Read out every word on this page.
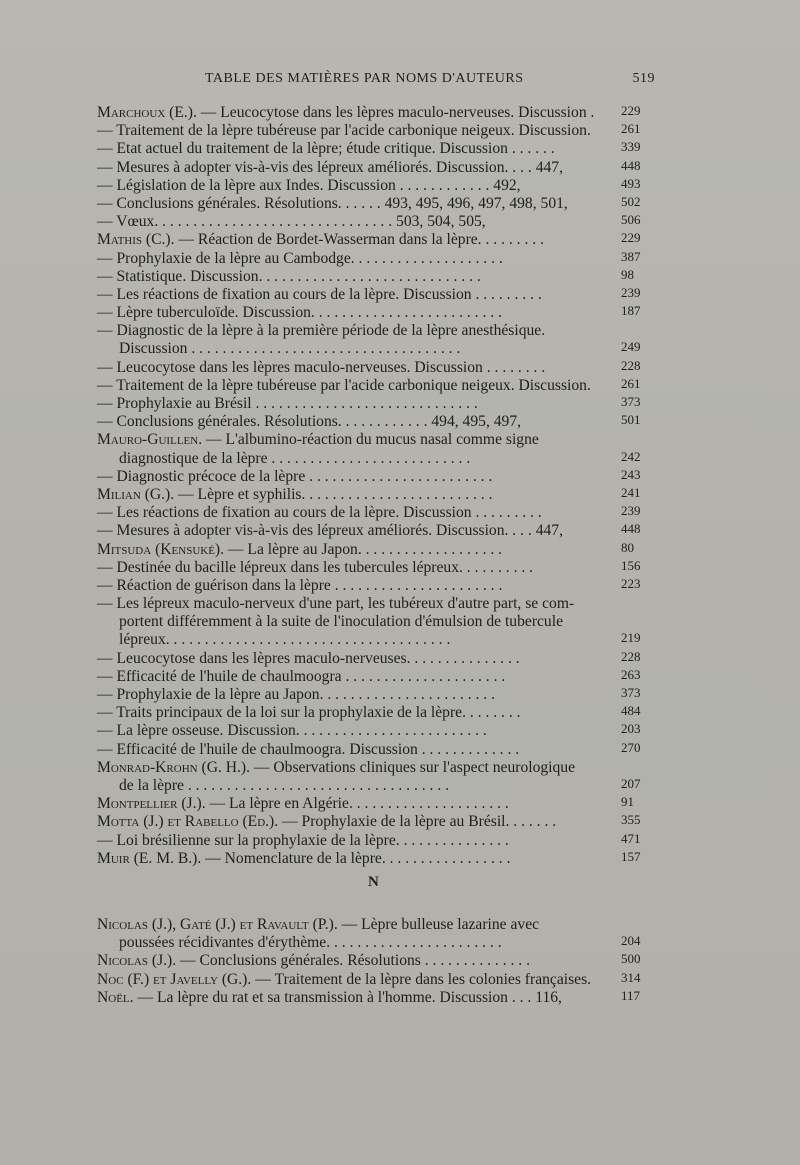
TABLE DES MATIÈRES PAR NOMS D'AUTEURS	519
Marchoux (E.). — Leucocytose dans les lèpres maculo-nerveuses. Discussion . 229
— Traitement de la lèpre tubéreuse par l'acide carbonique neigeux. Discussion. 261
— Etat actuel du traitement de la lèpre; étude critique. Discussion . . . . . .	339
— Mesures à adopter vis-à-vis des lépreux améliorés. Discussion. . . . 447,	448
— Législation de la lèpre aux Indes. Discussion . . . . . . . . . . . . 492,	493
— Conclusions générales. Résolutions. . . . . . 493, 495, 496, 497, 498, 501,	502
— Vœux. . . . . . . . . . . . . . . . . . . . . . . . . . . . . . . 503, 504, 505,	506
Mathis (C.). — Réaction de Bordet-Wasserman dans la lèpre. . . . . . . . .	229
— Prophylaxie de la lèpre au Cambodge. . . . . . . . . . . . . . . . . . . .	387
— Statistique. Discussion. . . . . . . . . . . . . . . . . . . . . . . . . . . . .	98
— Les réactions de fixation au cours de la lèpre. Discussion . . . . . . . . .	239
— Lèpre tuberculoïde. Discussion. . . . . . . . . . . . . . . . . . . . . . . . .	187
— Diagnostic de la lèpre à la première période de la lèpre anesthésique.
Discussion . . . . . . . . . . . . . . . . . . . . . . . . . . . . . . . . . . .	249
— Leucocytose dans les lèpres maculo-nerveuses. Discussion . . . . . . . .	228
— Traitement de la lèpre tubéreuse par l'acide carbonique neigeux. Discussion. 261
— Prophylaxie au Brésil . . . . . . . . . . . . . . . . . . . . . . . . . . . . .	373
— Conclusions générales. Résolutions. . . . . . . . . . . . 494, 495, 497,	501
Mauro-Guillen. — L'albumino-réaction du mucus nasal comme signe
diagnostique de la lèpre . . . . . . . . . . . . . . . . . . . . . . . . . .	242
— Diagnostic précoce de la lèpre . . . . . . . . . . . . . . . . . . . . . . . .	243
Milian (G.). — Lèpre et syphilis. . . . . . . . . . . . . . . . . . . . . . . . .	241
— Les réactions de fixation au cours de la lèpre. Discussion . . . . . . . . .	239
— Mesures à adopter vis-à-vis des lépreux améliorés. Discussion. . . . 447,	448
Mitsuda (Kensuké). — La lèpre au Japon. . . . . . . . . . . . . . . . . . .	80
— Destinée du bacille lépreux dans les tubercules lépreux. . . . . . . . . .	156
— Réaction de guérison dans la lèpre . . . . . . . . . . . . . . . . . . . . . .	223
— Les lépreux maculo-nerveux d'une part, les tubéreux d'autre part, se com-
portent différemment à la suite de l'inoculation d'émulsion de tubercule
lépreux. . . . . . . . . . . . . . . . . . . . . . . . . . . . . . . . . . . . .	219
— Leucocytose dans les lèpres maculo-nerveuses. . . . . . . . . . . . . . .	228
— Efficacité de l'huile de chaulmoogra . . . . . . . . . . . . . . . . . . . . .	263
— Prophylaxie de la lèpre au Japon. . . . . . . . . . . . . . . . . . . . . . .	373
— Traits principaux de la loi sur la prophylaxie de la lèpre. . . . . . . .	484
— La lèpre osseuse. Discussion. . . . . . . . . . . . . . . . . . . . . . . . .	203
— Efficacité de l'huile de chaulmoogra. Discussion . . . . . . . . . . . . .	270
Monrad-Krohn (G. H.). — Observations cliniques sur l'aspect neurologique
de la lèpre . . . . . . . . . . . . . . . . . . . . . . . . . . . . . . . . . .	207
Montpellier (J.). — La lèpre en Algérie. . . . . . . . . . . . . . . . . . . . .	91
Motta (J.) et Rabello (Ed.). — Prophylaxie de la lèpre au Brésil. . . . . . .	355
— Loi brésilienne sur la prophylaxie de la lèpre. . . . . . . . . . . . . . .	471
Muir (E. M. B.). — Nomenclature de la lèpre. . . . . . . . . . . . . . . . .	157
N
Nicolas (J.), Gaté (J.) et Ravault (P.). — Lèpre bulleuse lazarine avec
poussées récidivantes d'érythème. . . . . . . . . . . . . . . . . . . . . . .	204
Nicolas (J.). — Conclusions générales. Résolutions . . . . . . . . . . . . . .	500
Noc (F.) et Javelly (G.). — Traitement de la lèpre dans les colonies françaises. 314
Noël. — La lèpre du rat et sa transmission à l'homme. Discussion . . . 116,	117
